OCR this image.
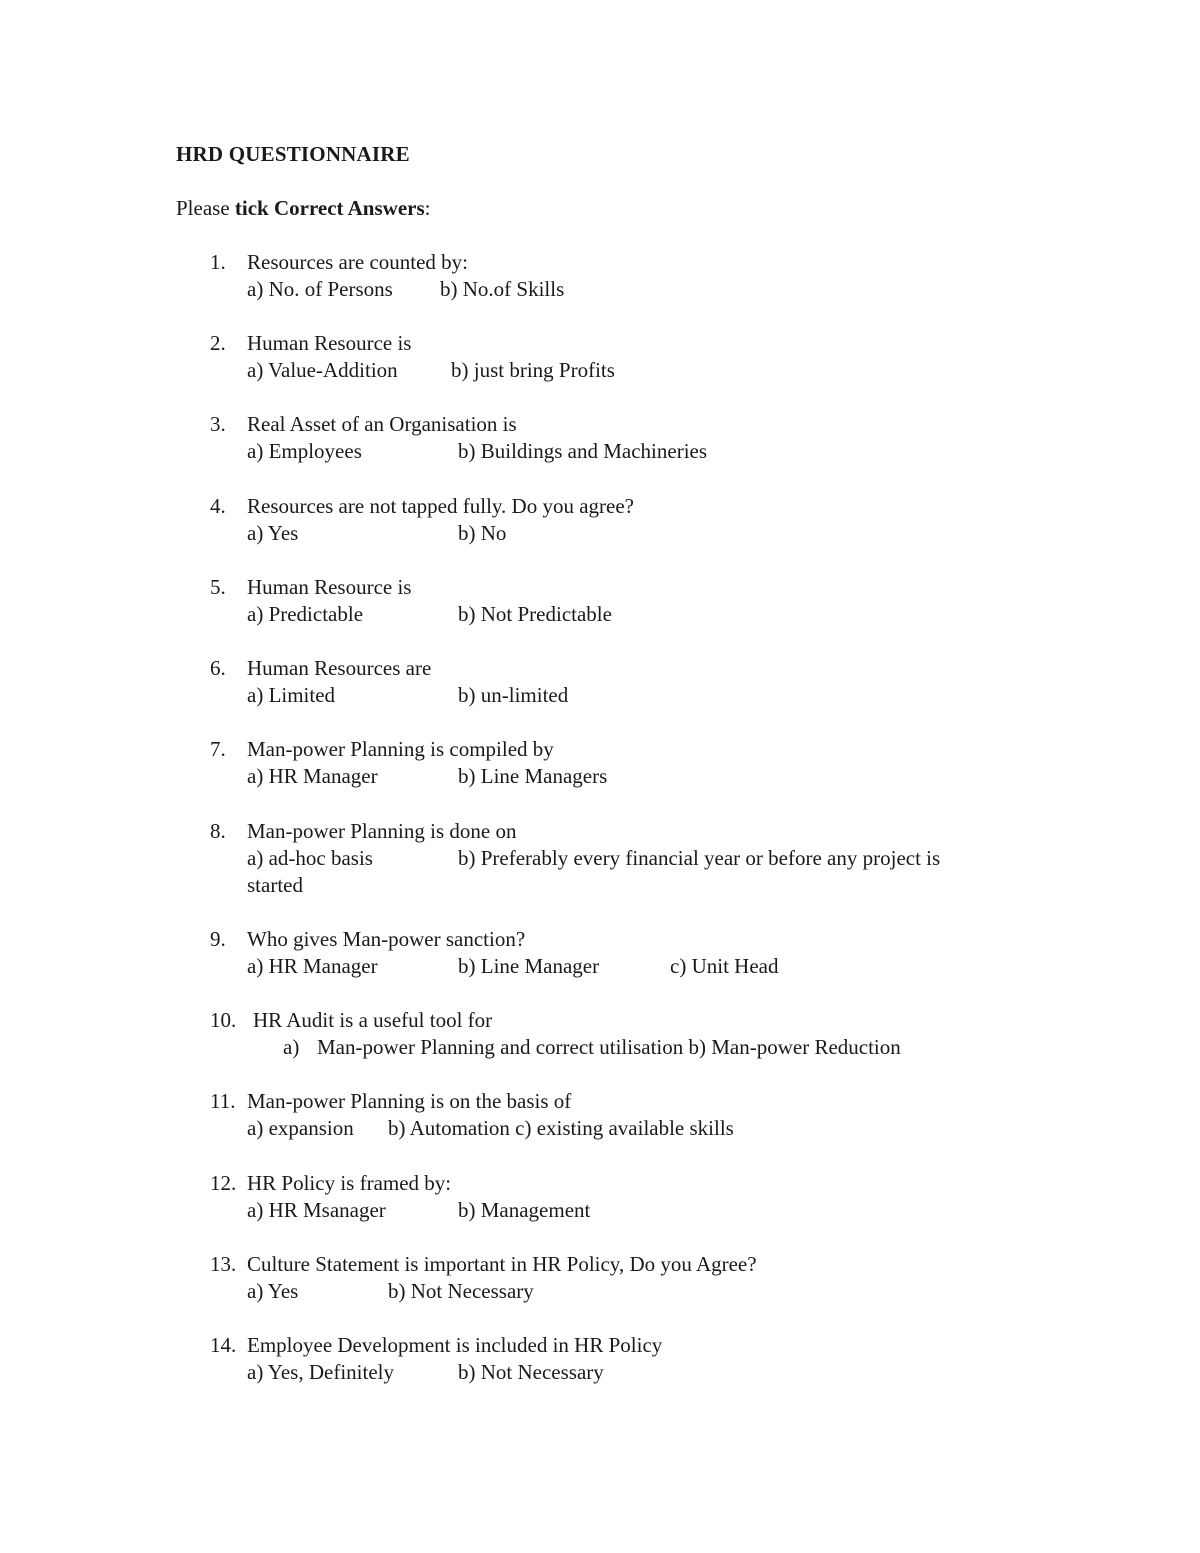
HRD QUESTIONNAIRE
Please tick Correct Answers:
1. Resources are counted by:
a) No. of Persons b) No.of Skills
2. Human Resource is
a) Value-Addition	b) just bring Profits
3. Real Asset of an Organisation is
a) Employees	b) Buildings and Machineries
4. Resources are not tapped fully. Do you agree?
a) Yes	b) No
5. Human Resource is
a) Predictable	b) Not Predictable
6. Human Resources are
a) Limited	b) un-limited
7. Man-power Planning is compiled by
a) HR Manager	b) Line Managers
8. Man-power Planning is done on
a) ad-hoc basis	b) Preferably every financial year or before any project is
started
9. Who gives Man-power sanction?
a) HR Manager	b) Line Manager	c) Unit Head
10. HR Audit is a useful tool for
a) Man-power Planning and correct utilisation b) Man-power Reduction
11. Man-power Planning is on the basis of
a) expansion b) Automation c) existing available skills
12. HR Policy is framed by:
a) HR Msanager	b) Management
13. Culture Statement is important in HR Policy, Do you Agree?
a) Yes	b) Not Necessary
14. Employee Development is included in HR Policy
a) Yes, Definitely	b) Not Necessary
